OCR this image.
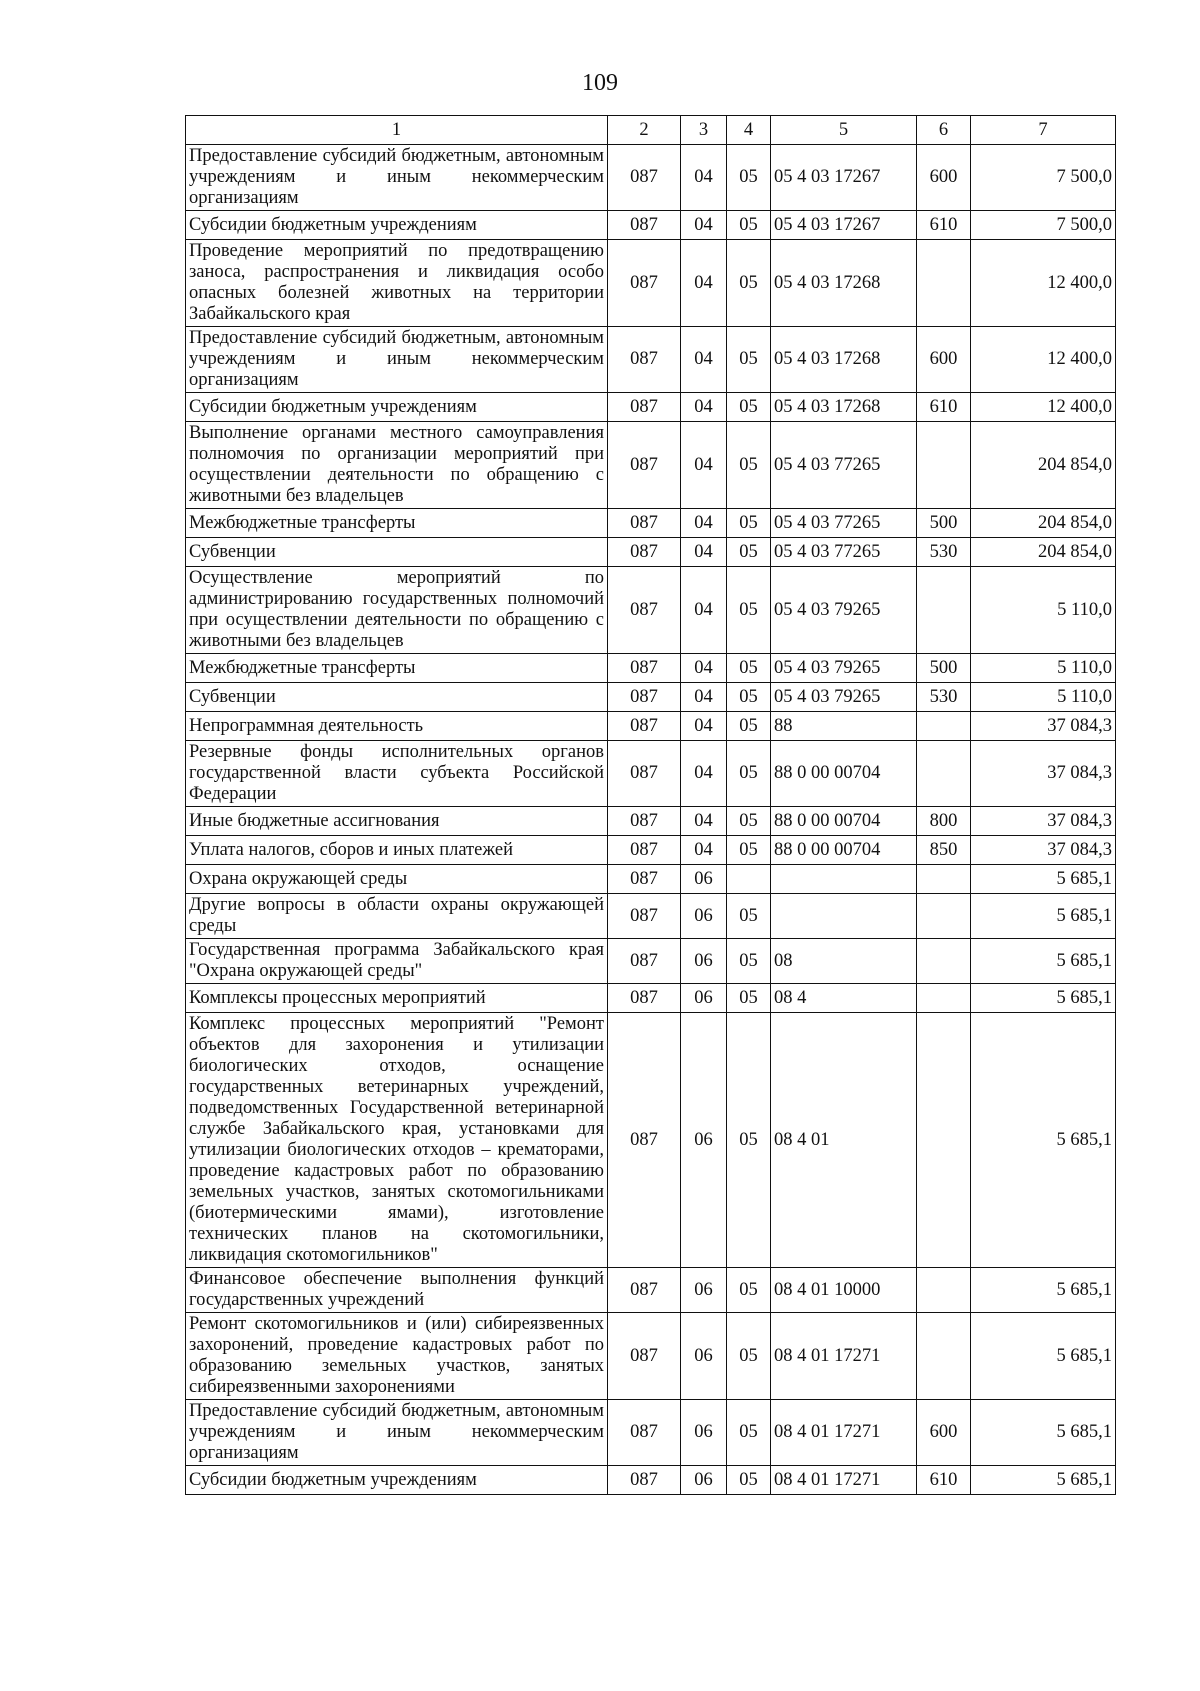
109
1	2	3	4	5	6	7
Предоставление субсидий бюджетным, автономным учреждениям и иным некоммерческим организациям	087	04	05	05 4 03 17267	600	7 500,0
Субсидии бюджетным учреждениям	087	04	05	05 4 03 17267	610	7 500,0
Проведение мероприятий по предотвращению заноса, распространения и ликвидация особо опасных болезней животных на территории Забайкальского края	087	04	05	05 4 03 17268		12 400,0
Предоставление субсидий бюджетным, автономным учреждениям и иным некоммерческим организациям	087	04	05	05 4 03 17268	600	12 400,0
Субсидии бюджетным учреждениям	087	04	05	05 4 03 17268	610	12 400,0
Выполнение органами местного самоуправления полномочия по организации мероприятий при осуществлении деятельности по обращению с животными без владельцев	087	04	05	05 4 03 77265		204 854,0
Межбюджетные трансферты	087	04	05	05 4 03 77265	500	204 854,0
Субвенции	087	04	05	05 4 03 77265	530	204 854,0
Осуществление мероприятий по администрированию государственных полномочий при осуществлении деятельности по обращению с животными без владельцев	087	04	05	05 4 03 79265		5 110,0
Межбюджетные трансферты	087	04	05	05 4 03 79265	500	5 110,0
Субвенции	087	04	05	05 4 03 79265	530	5 110,0
Непрограммная деятельность	087	04	05	88		37 084,3
Резервные фонды исполнительных органов государственной власти субъекта Российской Федерации	087	04	05	88 0 00 00704		37 084,3
Иные бюджетные ассигнования	087	04	05	88 0 00 00704	800	37 084,3
Уплата налогов, сборов и иных платежей	087	04	05	88 0 00 00704	850	37 084,3
Охрана окружающей среды	087	06				5 685,1
Другие вопросы в области охраны окружающей среды	087	06	05			5 685,1
Государственная программа Забайкальского края "Охрана окружающей среды"	087	06	05	08		5 685,1
Комплексы процессных мероприятий	087	06	05	08 4		5 685,1
Комплекс процессных мероприятий "Ремонт объектов для захоронения и утилизации биологических отходов, оснащение государственных ветеринарных учреждений, подведомственных Государственной ветеринарной службе Забайкальского края, установками для утилизации биологических отходов – крематорами, проведение кадастровых работ по образованию земельных участков, занятых скотомогильниками (биотермическими ямами), изготовление технических планов на скотомогильники, ликвидация скотомогильников"	087	06	05	08 4 01		5 685,1
Финансовое обеспечение выполнения функций государственных учреждений	087	06	05	08 4 01 10000		5 685,1
Ремонт скотомогильников и (или) сибиреязвенных захоронений, проведение кадастровых работ по образованию земельных участков, занятых сибиреязвенными захоронениями	087	06	05	08 4 01 17271		5 685,1
Предоставление субсидий бюджетным, автономным учреждениям и иным некоммерческим организациям	087	06	05	08 4 01 17271	600	5 685,1
Субсидии бюджетным учреждениям	087	06	05	08 4 01 17271	610	5 685,1
